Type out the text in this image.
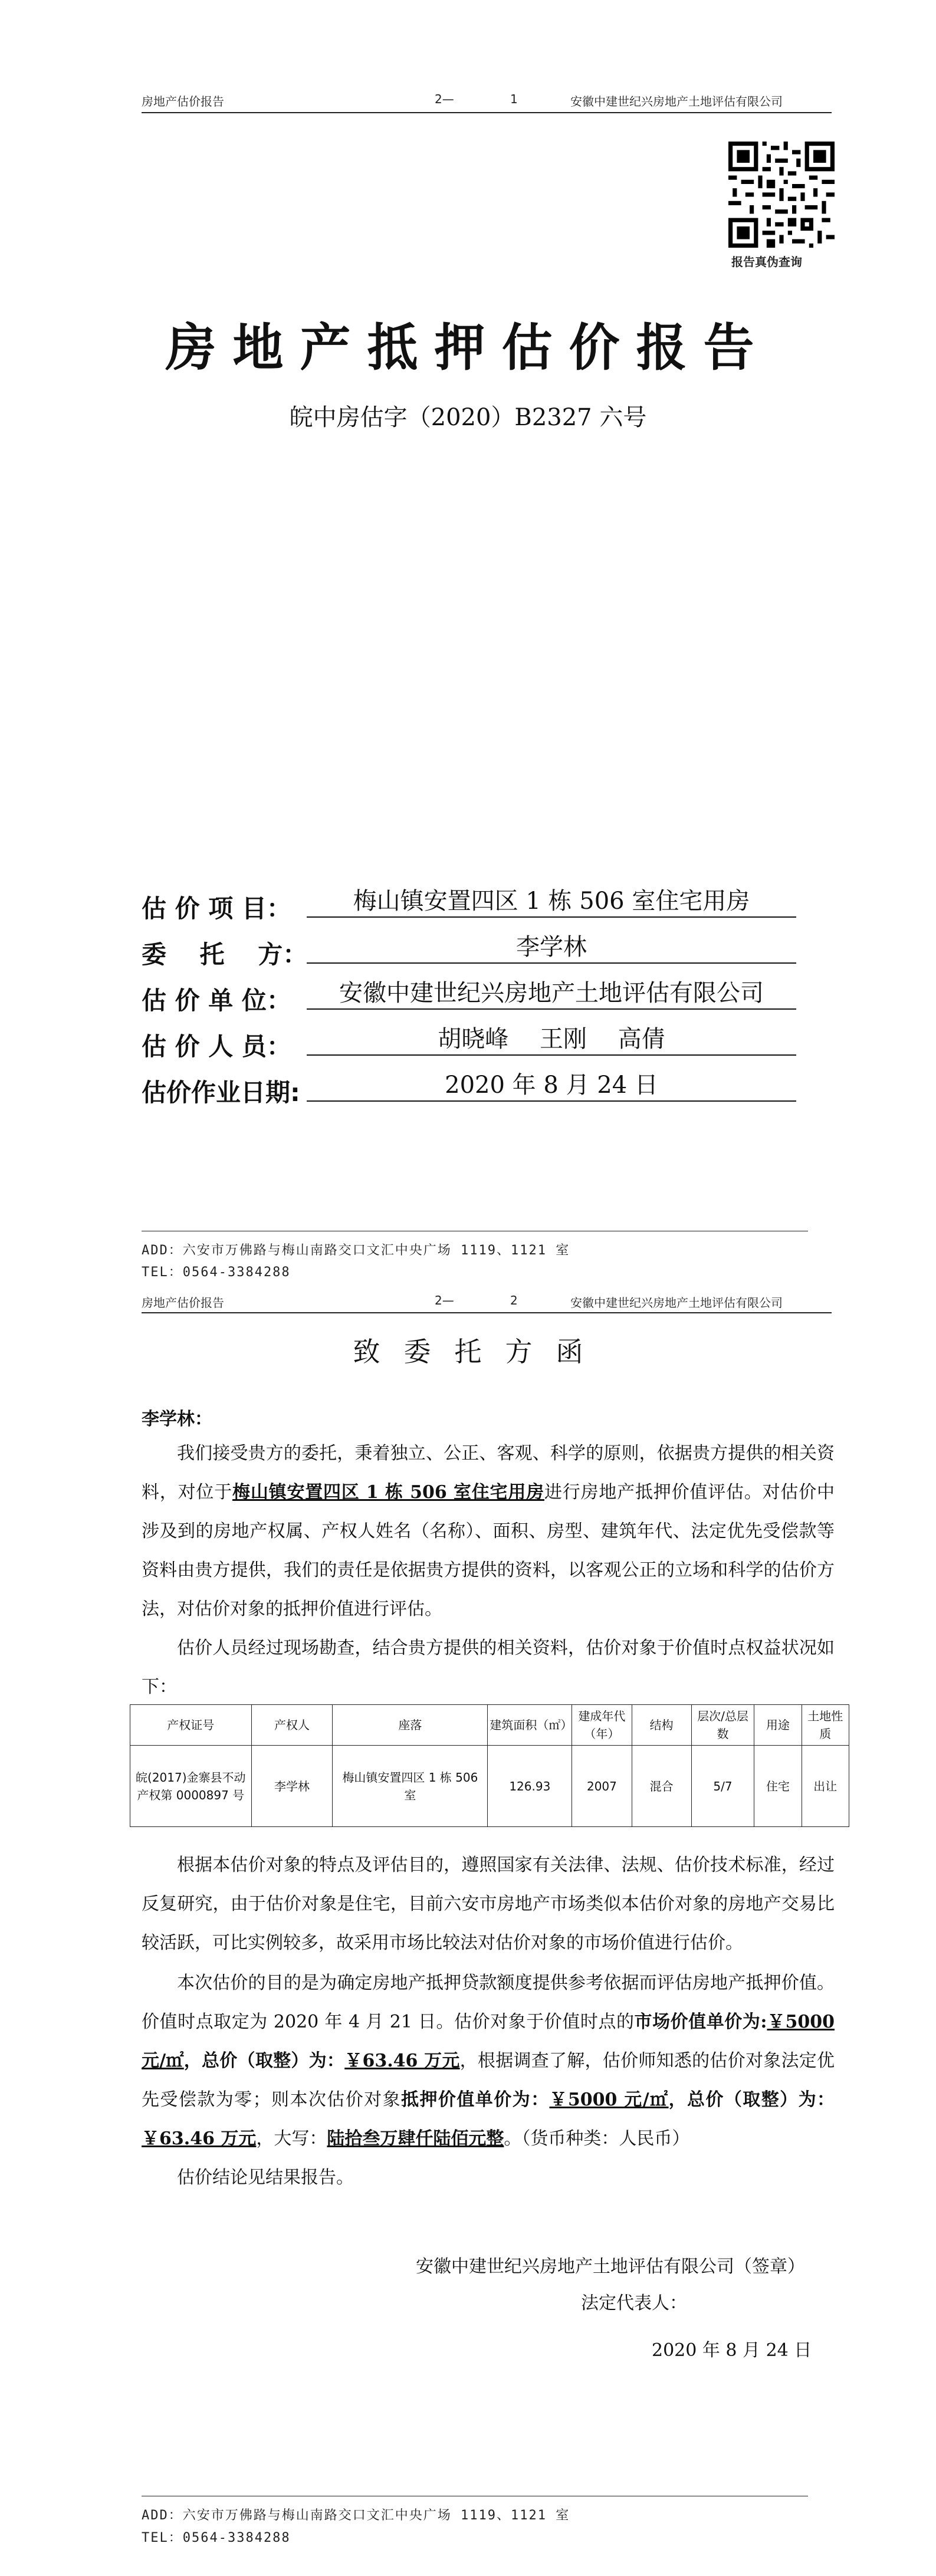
房地产估价报告	2—	1	安徽中建世纪兴房地产土地评估有限公司
报告真伪查询
房地产抵押估价报告
皖中房估字（2020）B2327 六号
估 价 项 目：	梅山镇安置四区 1 栋 506 室住宅用房
委　 托　 方：	李学林
估 价 单 位：	安徽中建世纪兴房地产土地评估有限公司
估 价 人 员：	胡晓峰　 王刚　 高倩
估价作业日期:	2020 年 8 月 24 日
ADD：六安市万佛路与梅山南路交口文汇中央广场 1119、1121 室
TEL：0564-3384288
房地产估价报告	2—	2	安徽中建世纪兴房地产土地评估有限公司
致委托方函
李学林：
我们接受贵方的委托，秉着独立、公正、客观、科学的原则，依据贵方提供的相关资料，对位于梅山镇安置四区 1 栋 506 室住宅用房进行房地产抵押价值评估。对估价中涉及到的房地产权属、产权人姓名（名称）、面积、房型、建筑年代、法定优先受偿款等资料由贵方提供，我们的责任是依据贵方提供的资料，以客观公正的立场和科学的估价方法，对估价对象的抵押价值进行评估。
估价人员经过现场勘查，结合贵方提供的相关资料，估价对象于价值时点权益状况如下：
产权证号	产权人	座落	建筑面积（㎡）	建成年代（年）	结构	层次/总层数	用途	土地性质
皖(2017)金寨县不动产权第 0000897 号	李学林	梅山镇安置四区 1 栋 506 室	126.93	2007	混合	5/7	住宅	出让
根据本估价对象的特点及评估目的，遵照国家有关法律、法规、估价技术标准，经过反复研究，由于估价对象是住宅，目前六安市房地产市场类似本估价对象的房地产交易比较活跃，可比实例较多，故采用市场比较法对估价对象的市场价值进行估价。
本次估价的目的是为确定房地产抵押贷款额度提供参考依据而评估房地产抵押价值。价值时点取定为 2020 年 4 月 21 日。估价对象于价值时点的市场价值单价为:￥5000 元/㎡，总价（取整）为：￥63.46 万元，根据调查了解，估价师知悉的估价对象法定优先受偿款为零；则本次估价对象抵押价值单价为：￥5000 元/㎡，总价（取整）为：￥63.46 万元，大写：陆拾叁万肆仟陆佰元整。（货币种类：人民币）
估价结论见结果报告。
安徽中建世纪兴房地产土地评估有限公司（签章）
法定代表人：
2020 年 8 月 24 日
ADD：六安市万佛路与梅山南路交口文汇中央广场 1119、1121 室
TEL：0564-3384288
